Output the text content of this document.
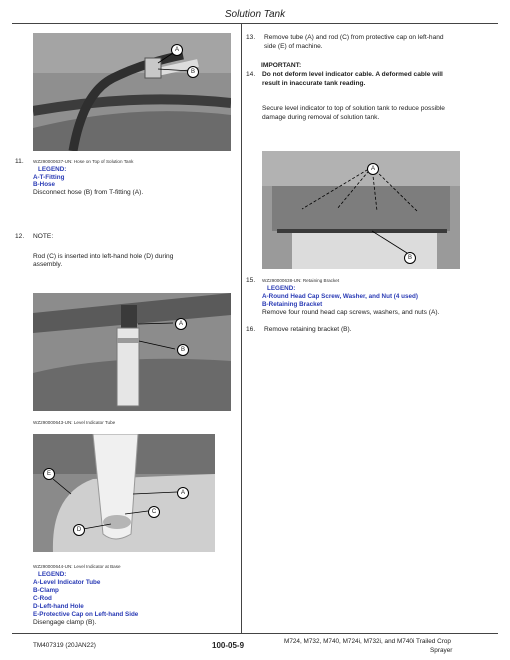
Solution Tank
A
B
11. WZ290000637-UN: Hose on Top of Solution Tank
LEGEND:
A-T-Fitting
B-Hose
Disconnect hose (B) from T-fitting (A).
12. NOTE:
Rod (C) is inserted into left-hand hole (D) during
assembly.
A
B
WZ290000643-UN: Level Indicator Tube
E
A
C
D
WZ290000644-UN: Level Indicator at Base
LEGEND:
A-Level Indicator Tube
B-Clamp
C-Rod
D-Left-hand Hole
E-Protective Cap on Left-hand Side
Disengage clamp (B).
13. Remove tube (A) and rod (C) from protective cap on left-hand
side (E) of machine.
IMPORTANT:
14. Do not deform level indicator cable. A deformed cable will
result in inaccurate tank reading.
Secure level indicator to top of solution tank to reduce possible
damage during removal of solution tank.
A
B
15. WZ290000638-UN: Retaining Bracket
LEGEND:
A-Round Head Cap Screw, Washer, and Nut (4 used)
B-Retaining Bracket
Remove four round head cap screws, washers, and nuts (A).
16. Remove retaining bracket (B).
TM407319 (20JAN22)	100-05-9	M724, M732, M740, M724i, M732i, and M740i Trailed Crop
Sprayer
